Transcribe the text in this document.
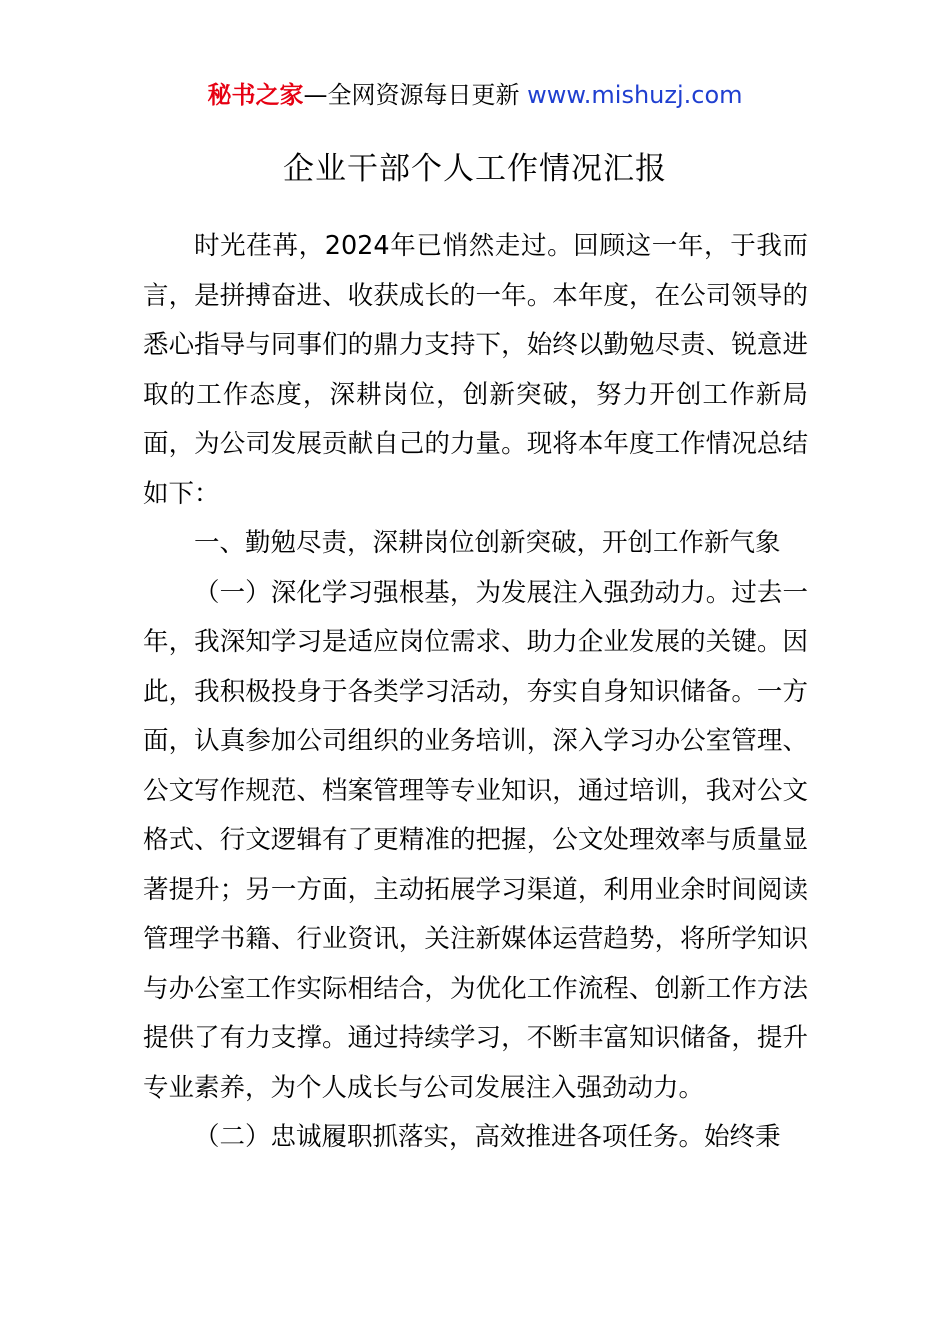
秘书之家—全网资源每日更新 www.mishuzj.com
企业干部个人工作情况汇报

时光荏苒，2024年已悄然走过。回顾这一年，于我而言，是拼搏奋进、收获成长的一年。本年度，在公司领导的悉心指导与同事们的鼎力支持下，始终以勤勉尽责、锐意进取的工作态度，深耕岗位，创新突破，努力开创工作新局面，为公司发展贡献自己的力量。现将本年度工作情况总结如下：

一、勤勉尽责，深耕岗位创新突破，开创工作新气象

（一）深化学习强根基，为发展注入强劲动力。过去一年，我深知学习是适应岗位需求、助力企业发展的关键。因此，我积极投身于各类学习活动，夯实自身知识储备。一方面，认真参加公司组织的业务培训，深入学习办公室管理、公文写作规范、档案管理等专业知识，通过培训，我对公文格式、行文逻辑有了更精准的把握，公文处理效率与质量显著提升；另一方面，主动拓展学习渠道，利用业余时间阅读管理学书籍、行业资讯，关注新媒体运营趋势，将所学知识与办公室工作实际相结合，为优化工作流程、创新工作方法提供了有力支撑。通过持续学习，不断丰富知识储备，提升专业素养，为个人成长与公司发展注入强劲动力。

（二）忠诚履职抓落实，高效推进各项任务。始终秉
